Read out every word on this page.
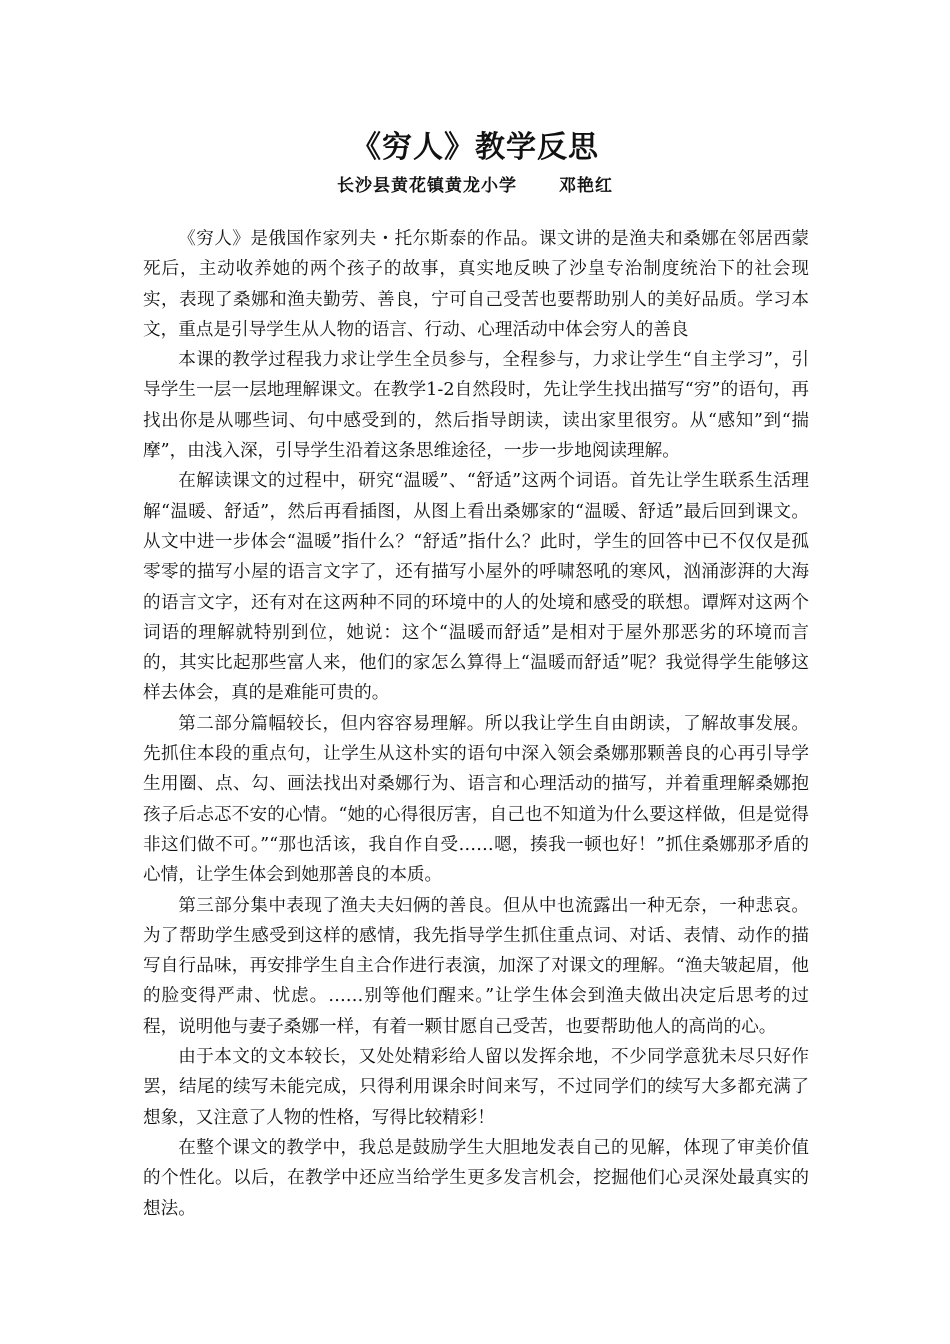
《穷人》教学反思
长沙县黄花镇黄龙小学 邓艳红

《穷人》是俄国作家列夫・托尔斯泰的作品。课文讲的是渔夫和桑娜在邻居西蒙死后，主动收养她的两个孩子的故事，真实地反映了沙皇专治制度统治下的社会现实，表现了桑娜和渔夫勤劳、善良，宁可自己受苦也要帮助别人的美好品质。学习本文，重点是引导学生从人物的语言、行动、心理活动中体会穷人的善良

本课的教学过程我力求让学生全员参与，全程参与，力求让学生“自主学习”，引导学生一层一层地理解课文。在教学1-2自然段时，先让学生找出描写“穷”的语句，再找出你是从哪些词、句中感受到的，然后指导朗读，读出家里很穷。从“感知”到“揣摩”，由浅入深，引导学生沿着这条思维途径，一步一步地阅读理解。

在解读课文的过程中，研究“温暖”、“舒适”这两个词语。首先让学生联系生活理解“温暖、舒适”，然后再看插图，从图上看出桑娜家的“温暖、舒适”最后回到课文。从文中进一步体会“温暖”指什么？“舒适”指什么？此时，学生的回答中已不仅仅是孤零零的描写小屋的语言文字了，还有描写小屋外的呼啸怒吼的寒风，汹涌澎湃的大海的语言文字，还有对在这两种不同的环境中的人的处境和感受的联想。谭辉对这两个词语的理解就特别到位，她说：这个“温暖而舒适”是相对于屋外那恶劣的环境而言的，其实比起那些富人来，他们的家怎么算得上“温暖而舒适”呢？我觉得学生能够这样去体会，真的是难能可贵的。

第二部分篇幅较长，但内容容易理解。所以我让学生自由朗读，了解故事发展。先抓住本段的重点句，让学生从这朴实的语句中深入领会桑娜那颗善良的心再引导学生用圈、点、勾、画法找出对桑娜行为、语言和心理活动的描写，并着重理解桑娜抱孩子后忐忑不安的心情。“她的心得很厉害，自己也不知道为什么要这样做，但是觉得非这们做不可。”“那也活该，我自作自受……嗯，揍我一顿也好！”抓住桑娜那矛盾的心情，让学生体会到她那善良的本质。

第三部分集中表现了渔夫夫妇俩的善良。但从中也流露出一种无奈，一种悲哀。为了帮助学生感受到这样的感情，我先指导学生抓住重点词、对话、表情、动作的描写自行品味，再安排学生自主合作进行表演，加深了对课文的理解。“渔夫皱起眉，他的脸变得严肃、忧虑。……别等他们醒来。”让学生体会到渔夫做出决定后思考的过程，说明他与妻子桑娜一样，有着一颗甘愿自己受苦，也要帮助他人的高尚的心。

由于本文的文本较长，又处处精彩给人留以发挥余地，不少同学意犹未尽只好作罢，结尾的续写未能完成，只得利用课余时间来写，不过同学们的续写大多都充满了想象，又注意了人物的性格，写得比较精彩！

在整个课文的教学中，我总是鼓励学生大胆地发表自己的见解，体现了审美价值的个性化。以后，在教学中还应当给学生更多发言机会，挖掘他们心灵深处最真实的想法。
